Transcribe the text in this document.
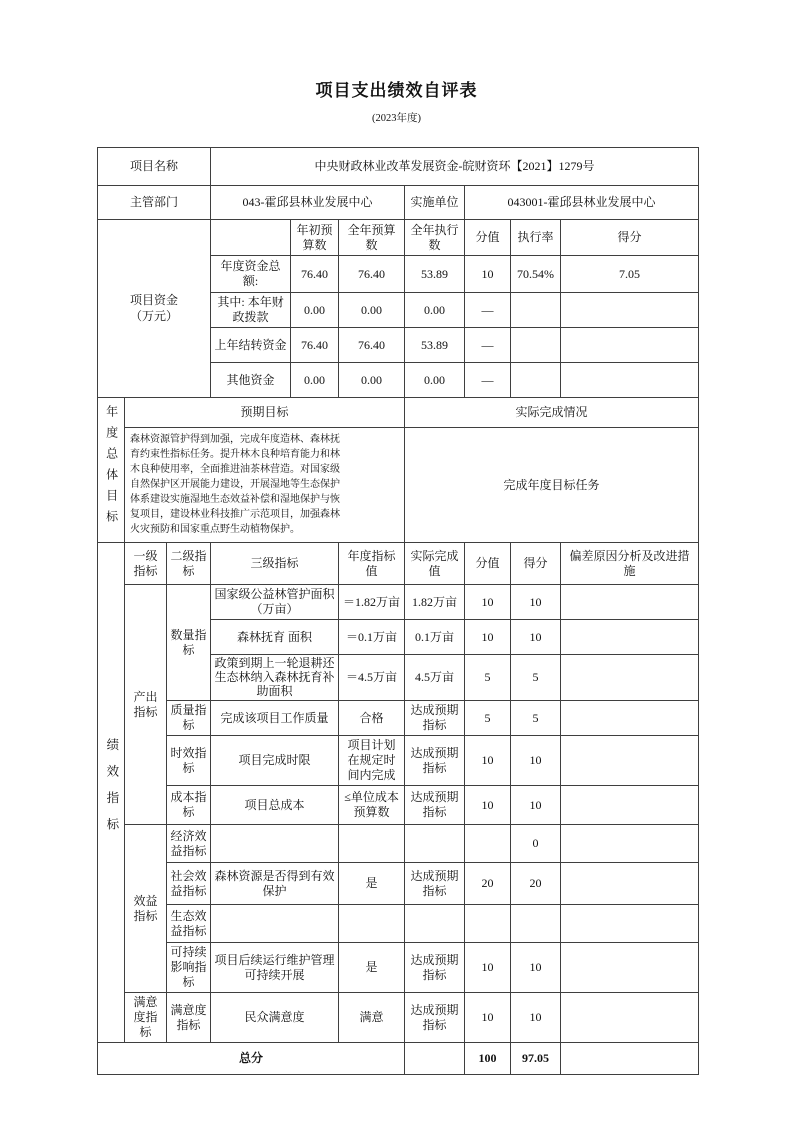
项目支出绩效自评表
(2023年度)
项目名称			中央财政林业改革发展资金-皖财资环【2021】1279号						
主管部门			043-霍邱县林业发展中心			实施单位	043001-霍邱县林业发展中心		

项目资金
（万元）				年初预算数	全年预算数	全年执行数	分值	执行率	得分
			年度资金总额:	76.40	76.40	53.89	10	70.54%	7.05
			其中: 本年财政拨款	0.00	0.00	0.00	—		
			上年结转资金	76.40	76.40	53.89	—		
			其他资金	0.00	0.00	0.00	—		
年度总体目标	预期目标					实际完成情况			

	森林资源管护得到加强，完成年度造林、森林抚育约束性指标任务。提升林木良种培育能力和林木良种使用率，全面推进油茶林营造。对国家级自然保护区开展能力建设，开展湿地等生态保护体系建设实施湿地生态效益补偿和湿地保护与恢复项目，建设林业科技推广示范项目，加强森林火灾预防和国家重点野生动植物保护。					完成年度目标任务			
绩效指标	一级指标	二级指标	三级指标		年度指标值	实际完成值	分值	得分	偏差原因分析及改进措施
	产出指标	数量指标	国家级公益林管护面积（万亩）		＝1.82万亩	1.82万亩	10	10	
			森林抚育 面积		＝0.1万亩	0.1万亩	10	10	
			政策到期上一轮退耕还生态林纳入森林抚育补助面积		＝4.5万亩	4.5万亩	5	5	
		质量指标	完成该项目工作质量		合格	达成预期指标	5	5	
		时效指标	项目完成时限		项目计划在规定时间内完成	达成预期指标	10	10	
		成本指标	项目总成本		≤单位成本预算数	达成预期指标	10	10	
	效益指标	经济效益指标						0	
		社会效益指标	森林资源是否得到有效保护		是	达成预期指标	20	20	
		生态效益指标							
		可持续影响指标	项目后续运行维护管理可持续开展		是	达成预期指标	10	10	
	满意度指标	满意度指标	民众满意度		满意	达成预期指标	10	10	
总分							100	97.05	
